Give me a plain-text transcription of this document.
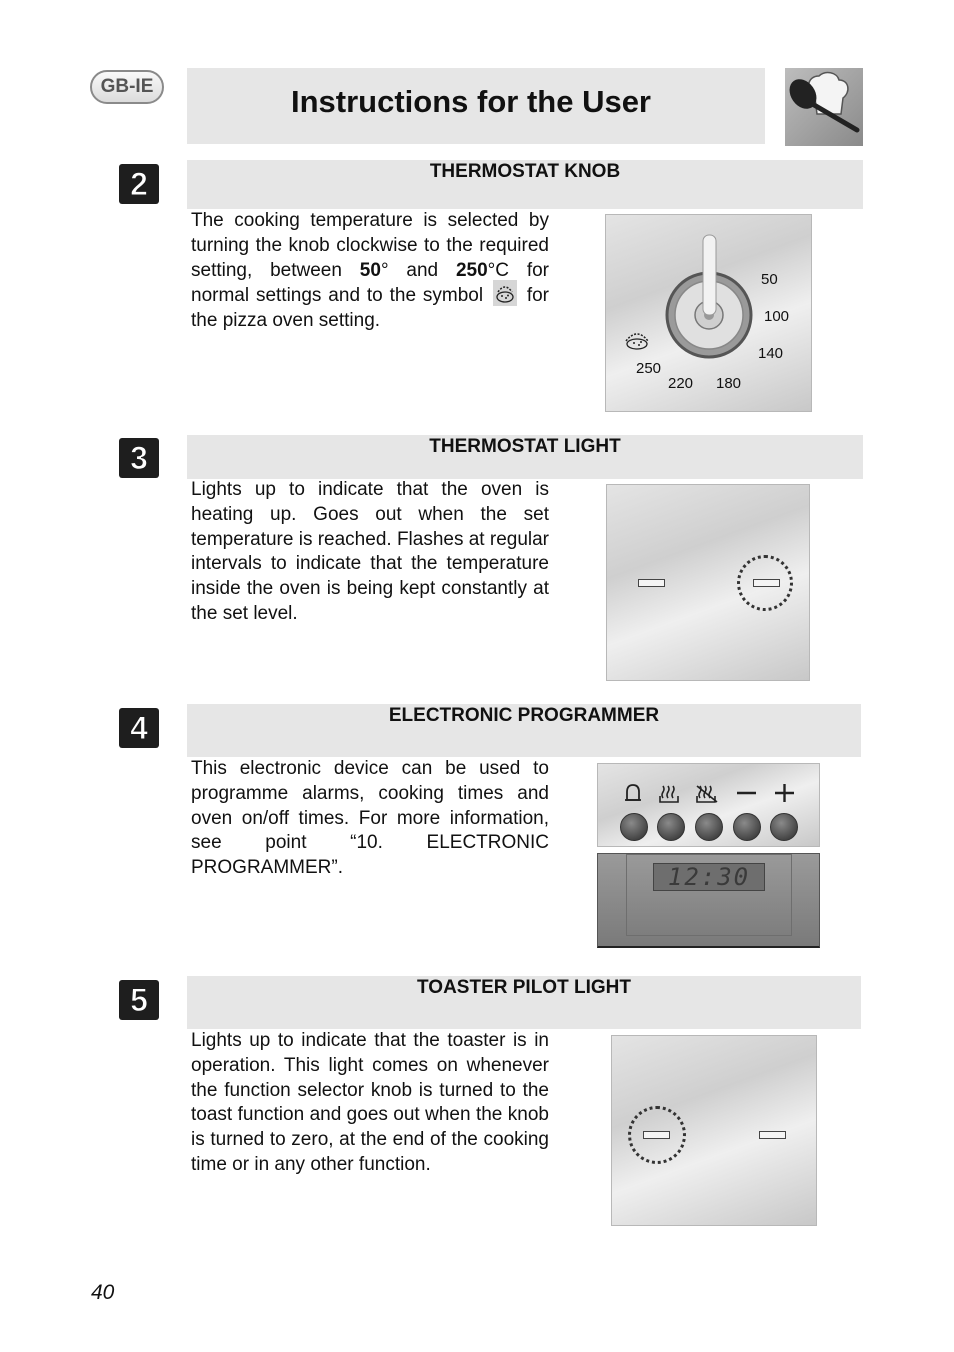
GB-IE	Instructions for the User
2	THERMOSTAT KNOB

The cooking temperature is selected by turning the knob clockwise to the required setting, between 50° and 250°C for normal settings and to the symbol  for the pizza oven setting.

50
100
140
180
220
250
3	THERMOSTAT LIGHT

Lights up to indicate that the oven is heating up. Goes out when the set temperature is reached. Flashes at regular intervals to indicate that the temperature inside the oven is being kept constantly at the set level.

4	ELECTRONIC PROGRAMMER

This electronic device can be used to programme alarms, cooking times and oven on/off times. For more information, see point “10. ELECTRONIC PROGRAMMER”.	12:30
5	TOASTER PILOT LIGHT

Lights up to indicate that the toaster is in operation. This light comes on whenever the function selector knob is turned to the toast function and goes out when the knob is turned to zero, at the end of the cooking time or in any other function.

40
